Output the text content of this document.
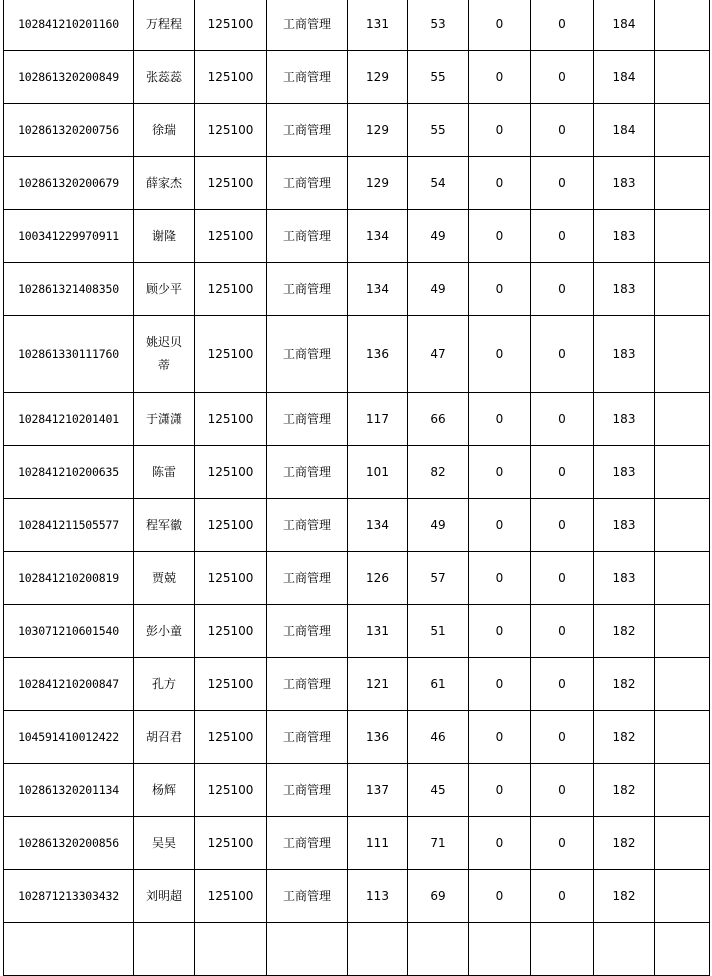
102841210201160	万程程	125100	工商管理	131	53	0	0	184	
102861320200849	张蕊蕊	125100	工商管理	129	55	0	0	184	
102861320200756	徐瑞	125100	工商管理	129	55	0	0	184	
102861320200679	薛家杰	125100	工商管理	129	54	0	0	183	
100341229970911	谢隆	125100	工商管理	134	49	0	0	183	
102861321408350	顾少平	125100	工商管理	134	49	0	0	183	
102861330111760	姚迟贝蒂	125100	工商管理	136	47	0	0	183	
102841210201401	于潇潇	125100	工商管理	117	66	0	0	183	
102841210200635	陈雷	125100	工商管理	101	82	0	0	183	
102841211505577	程军徽	125100	工商管理	134	49	0	0	183	
102841210200819	贾兢	125100	工商管理	126	57	0	0	183	
103071210601540	彭小童	125100	工商管理	131	51	0	0	182	
102841210200847	孔方	125100	工商管理	121	61	0	0	182	
104591410012422	胡召君	125100	工商管理	136	46	0	0	182	
102861320201134	杨辉	125100	工商管理	137	45	0	0	182	
102861320200856	吴昊	125100	工商管理	111	71	0	0	182	
102871213303432	刘明超	125100	工商管理	113	69	0	0	182	
